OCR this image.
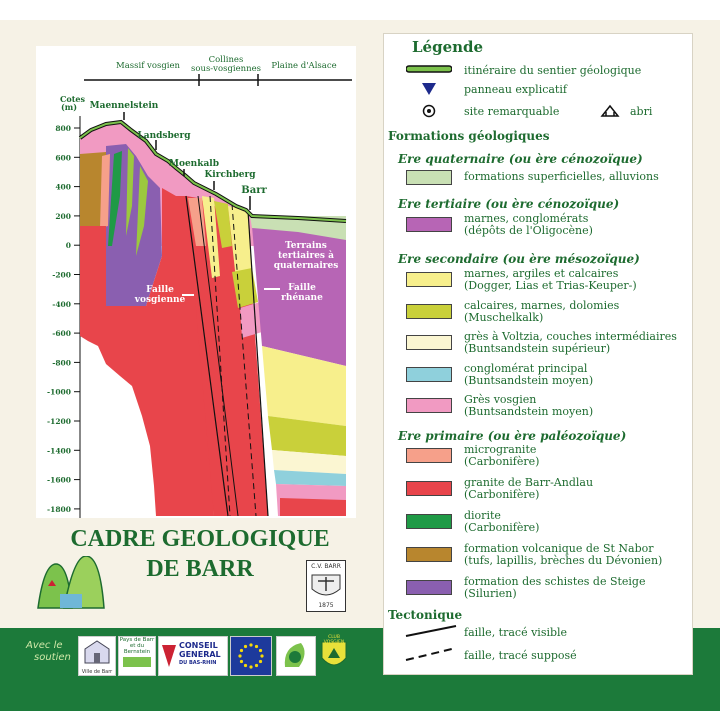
Massif vosgien
Collines
sous-vosgiennes Plaine d'Alsace
Cotes
(m)
800
600
400
200
0
-200
-400
-600
-800
-1000
-1200
-1400
-1600
-1800
Maennelstein
Landsberg
Moenkalb
Kirchberg
Barr
Faille
vosgienne
Faille
rhénane
Terrains
tertiaires à
quaternaires
CADRE GEOLOGIQUE
DE BARR	C.V. BARR
1875
Légende
itinéraire du sentier géologique
panneau explicatif
site remarquable	abri
Formations géologiques
Ere quaternaire (ou ère cénozoïque)
formations superficielles, alluvions
Ere tertiaire (ou ère cénozoïque)
marnes, conglomérats
(dépôts de l'Oligocène)
Ere secondaire (ou ère mésozoïque)
marnes, argiles et calcaires
(Dogger, Lias et Trias-Keuper-)
calcaires, marnes, dolomies
(Muschelkalk)
grès à Voltzia, couches intermédiaires
(Buntsandstein supérieur)
conglomérat principal
(Buntsandstein moyen)
Grès vosgien
(Buntsandstein moyen)
Ere primaire (ou ère paléozoïque)
microgranite
(Carbonifère)
granite de Barr-Andlau
(Carbonifère)
diorite
(Carbonifère)
formation volcanique de St Nabor
(tufs, lapillis, brèches du Dévonien)
formation des schistes de Steige
(Silurien)
Tectonique
faille, tracé visible
faille, tracé supposé
Avec le
soutien
Ville de Barr
Pays de Barr
et du
Bernstein
CONSEIL
GENERAL
DU BAS-RHIN	LEADER+
CLUB VOSGIEN
